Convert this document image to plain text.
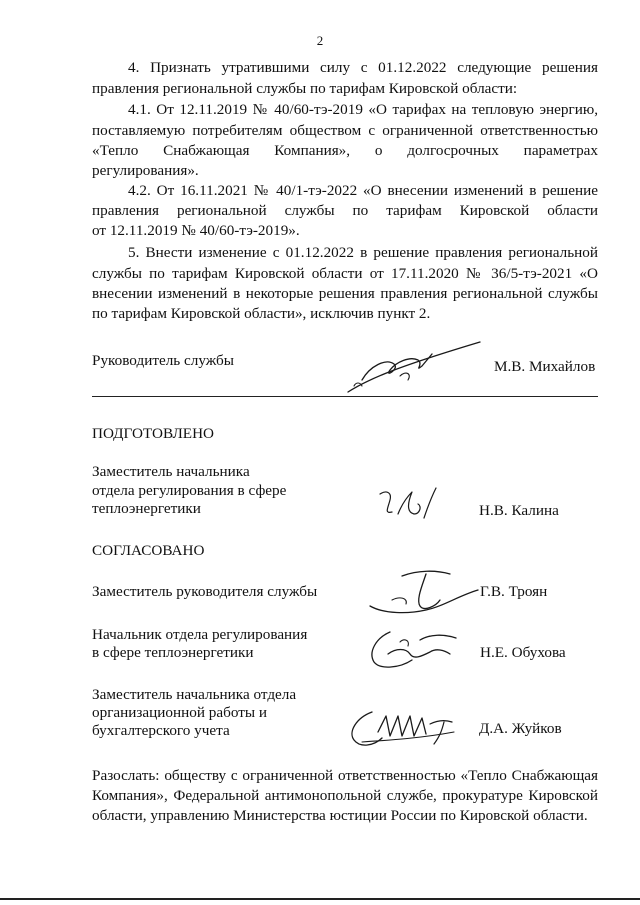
2

4. Признать утратившими силу с 01.12.2022 следующие решения

правления региональной службы по тарифам Кировской области:

4.1. От 12.11.2019 № 40/60-тэ-2019 «О тарифах на тепловую энергию,

поставляемую потребителям обществом с ограниченной ответственностью

«Тепло Снабжающая Компания», о долгосрочных параметрах

регулирования».

4.2. От 16.11.2021 № 40/1-тэ-2022 «О внесении изменений в решение

правления региональной службы по тарифам Кировской области

от 12.11.2019 № 40/60-тэ-2019».

5. Внести изменение с 01.12.2022 в решение правления региональной

службы по тарифам Кировской области от 17.11.2020 № 36/5-тэ-2021 «О

внесении изменений в некоторые решения правления региональной службы

по тарифам Кировской области», исключив пункт 2.

Руководитель службы	М.В. Михайлов

ПОДГОТОВЛЕНО

Заместитель начальника

отдела регулирования в сфере

теплоэнергетики	Н.В. Калина

СОГЛАСОВАНО

Заместитель руководителя службы	Г.В. Троян

Начальник отдела регулирования

в сфере теплоэнергетики	Н.Е. Обухова

Заместитель начальника отдела

организационной работы и

бухгалтерского учета	Д.А. Жуйков

Разослать: обществу с ограниченной ответственностью «Тепло Снабжающая

Компания», Федеральной антимонопольной службе, прокуратуре Кировской

области, управлению Министерства юстиции России по Кировской области.
